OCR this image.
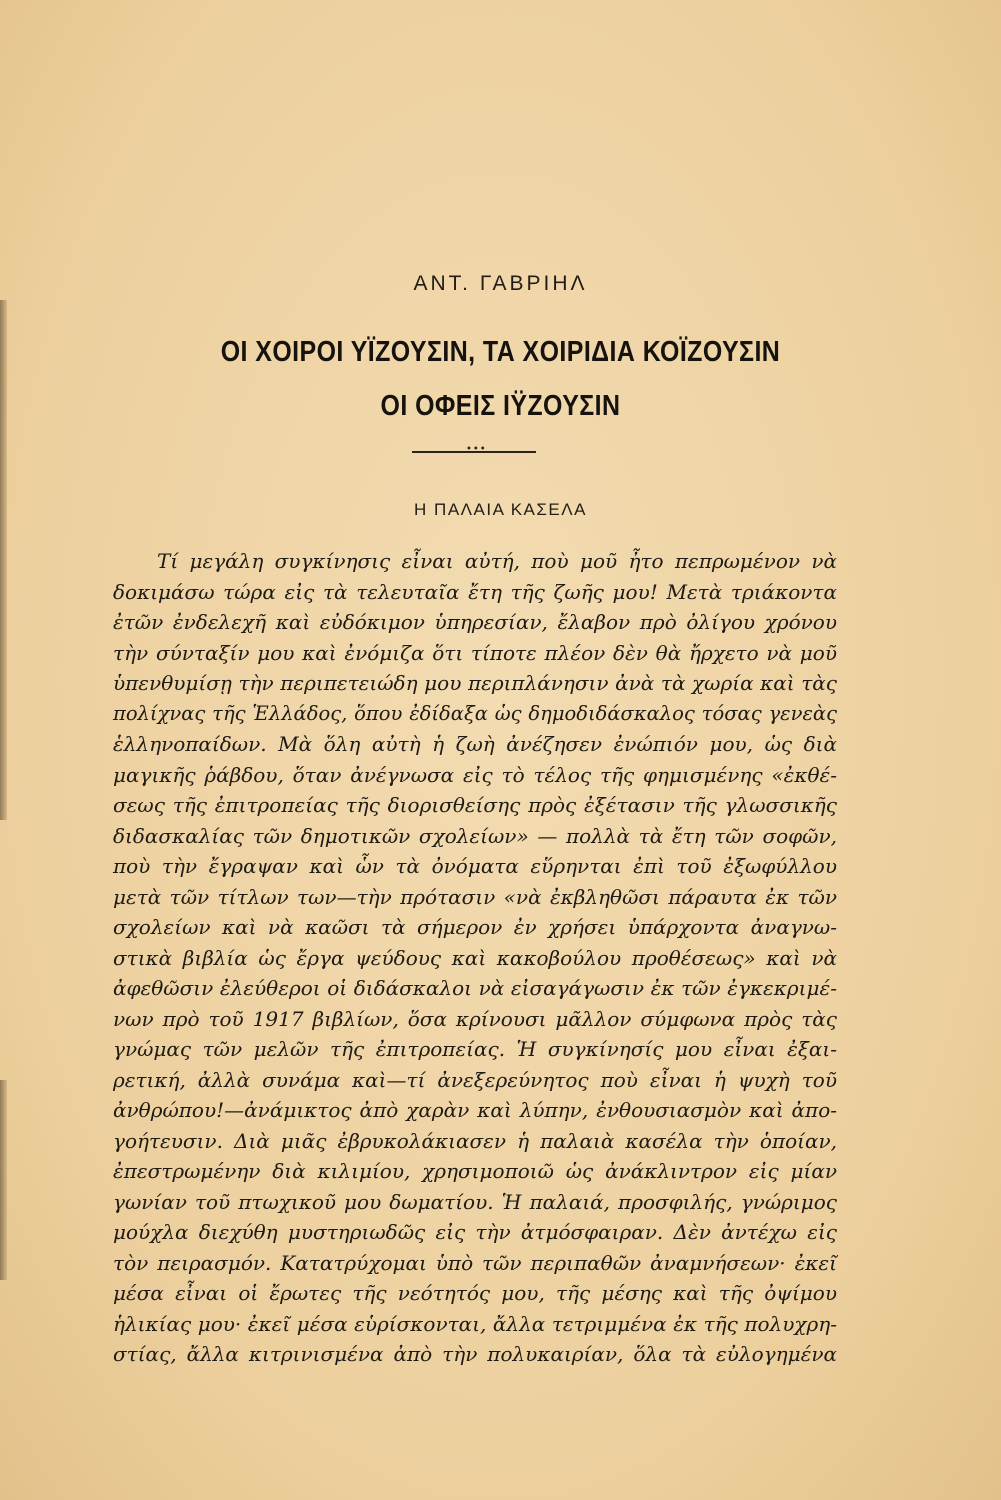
ΑΝΤ. ΓΑΒΡΙΗΛ
ΟΙ ΧΟΙΡΟΙ ΥΪΖΟΥΣΙΝ, ΤΑ ΧΟΙΡΙΔΙΑ ΚΟΪΖΟΥΣΙΝ
ΟΙ ΟΦΕΙΣ ΙΫΖΟΥΣΙΝ
•••
Η ΠΑΛΑΙΑ ΚΑΣΕΛΑ
Τί μεγάλη συγκίνησις εἶναι αὐτή, ποὺ μοῦ ἦτο πεπρωμένον νὰ
δοκιμάσω τώρα εἰς τὰ τελευταῖα ἔτη τῆς ζωῆς μου! Μετὰ τριάκοντα
ἐτῶν ἐνδελεχῆ καὶ εὐδόκιμον ὑπηρεσίαν, ἔλαβον πρὸ ὀλίγου χρόνου
τὴν σύνταξίν μου καὶ ἐνόμιζα ὅτι τίποτε πλέον δὲν θὰ ἤρχετο νὰ μοῦ
ὑπενθυμίσῃ τὴν περιπετειώδη μου περιπλάνησιν ἀνὰ τὰ χωρία καὶ τὰς
πολίχνας τῆς Ἑλλάδος, ὅπου ἐδίδαξα ὡς δημοδιδάσκαλος τόσας γενεὰς
ἑλληνοπαίδων. Μὰ ὅλη αὐτὴ ἡ ζωὴ ἀνέζησεν ἐνώπιόν μου, ὡς διὰ
μαγικῆς ῥάβδου, ὅταν ἀνέγνωσα εἰς τὸ τέλος τῆς φημισμένης «ἐκθέ-
σεως τῆς ἐπιτροπείας τῆς διορισθείσης πρὸς ἐξέτασιν τῆς γλωσσικῆς
διδασκαλίας τῶν δημοτικῶν σχολείων» — πολλὰ τὰ ἔτη τῶν σοφῶν,
ποὺ τὴν ἔγραψαν καὶ ὧν τὰ ὀνόματα εὕρηνται ἐπὶ τοῦ ἐξωφύλλου
μετὰ τῶν τίτλων των—τὴν πρότασιν «νὰ ἐκβληθῶσι πάραυτα ἐκ τῶν
σχολείων καὶ νὰ καῶσι τὰ σήμερον ἐν χρήσει ὑπάρχοντα ἀναγνω-
στικὰ βιβλία ὡς ἔργα ψεύδους καὶ κακοβούλου προθέσεως» καὶ νὰ
ἀφεθῶσιν ἐλεύθεροι οἱ διδάσκαλοι νὰ εἰσαγάγωσιν ἐκ τῶν ἐγκεκριμέ-
νων πρὸ τοῦ 1917 βιβλίων, ὅσα κρίνουσι μᾶλλον σύμφωνα πρὸς τὰς
γνώμας τῶν μελῶν τῆς ἐπιτροπείας. Ἡ συγκίνησίς μου εἶναι ἐξαι-
ρετική, ἀλλὰ συνάμα καὶ—τί ἀνεξερεύνητος ποὺ εἶναι ἡ ψυχὴ τοῦ
ἀνθρώπου!—ἀνάμικτος ἀπὸ χαρὰν καὶ λύπην, ἐνθουσιασμὸν καὶ ἀπο-
γοήτευσιν. Διὰ μιᾶς ἐβρυκολάκιασεν ἡ παλαιὰ κασέλα τὴν ὁποίαν,
ἐπεστρωμένην διὰ κιλιμίου, χρησιμοποιῶ ὡς ἀνάκλιντρον εἰς μίαν
γωνίαν τοῦ πτωχικοῦ μου δωματίου. Ἡ παλαιά, προσφιλής, γνώριμος
μούχλα διεχύθη μυστηριωδῶς εἰς τὴν ἀτμόσφαιραν. Δὲν ἀντέχω εἰς
τὸν πειρασμόν. Κατατρύχομαι ὑπὸ τῶν περιπαθῶν ἀναμνήσεων· ἐκεῖ
μέσα εἶναι οἱ ἔρωτες τῆς νεότητός μου, τῆς μέσης καὶ τῆς ὀψίμου
ἡλικίας μου· ἐκεῖ μέσα εὑρίσκονται, ἄλλα τετριμμένα ἐκ τῆς πολυχρη-
στίας, ἄλλα κιτρινισμένα ἀπὸ τὴν πολυκαιρίαν, ὅλα τὰ εὐλογημένα
